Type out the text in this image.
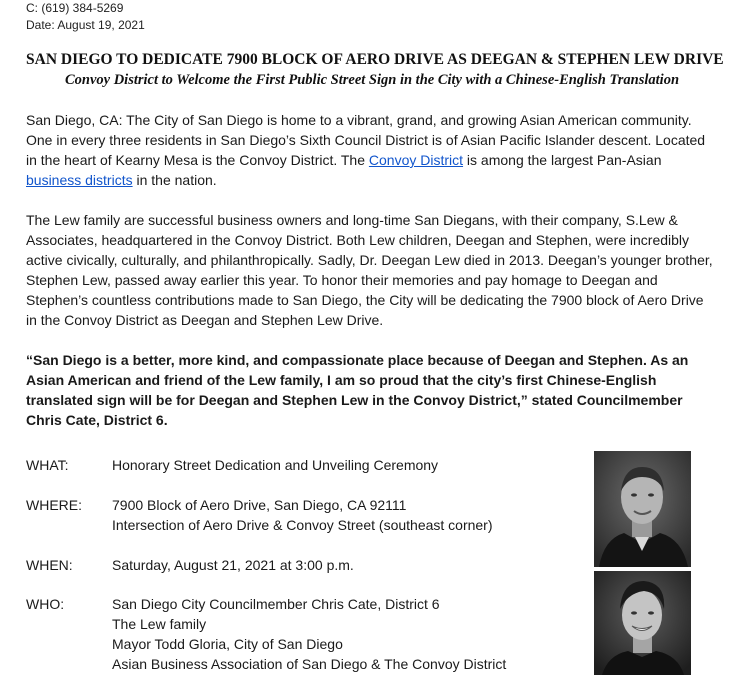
C: (619) 384-5269
Date: August 19, 2021
SAN DIEGO TO DEDICATE 7900 BLOCK OF AERO DRIVE AS DEEGAN & STEPHEN LEW DRIVE
Convoy District to Welcome the First Public Street Sign in the City with a Chinese-English Translation

San Diego, CA: The City of San Diego is home to a vibrant, grand, and growing Asian American community. One in every three residents in San Diego’s Sixth Council District is of Asian Pacific Islander descent. Located in the heart of Kearny Mesa is the Convoy District. The Convoy District is among the largest Pan-Asian business districts in the nation.

The Lew family are successful business owners and long-time San Diegans, with their company, S.Lew & Associates, headquartered in the Convoy District. Both Lew children, Deegan and Stephen, were incredibly active civically, culturally, and philanthropically. Sadly, Dr. Deegan Lew died in 2013. Deegan’s younger brother, Stephen Lew, passed away earlier this year. To honor their memories and pay homage to Deegan and Stephen’s countless contributions made to San Diego, the City will be dedicating the 7900 block of Aero Drive in the Convoy District as Deegan and Stephen Lew Drive.

“San Diego is a better, more kind, and compassionate place because of Deegan and Stephen. As an Asian American and friend of the Lew family, I am so proud that the city’s first Chinese-English translated sign will be for Deegan and Stephen Lew in the Convoy District,” stated Councilmember Chris Cate, District 6.

WHAT:	Honorary Street Dedication and Unveiling Ceremony
WHERE:	7900 Block of Aero Drive, San Diego, CA 92111
Intersection of Aero Drive & Convoy Street (southeast corner)
WHEN:	Saturday, August 21, 2021 at 3:00 p.m.
WHO:	San Diego City Councilmember Chris Cate, District 6
The Lew family
Mayor Todd Gloria, City of San Diego
Asian Business Association of San Diego & The Convoy District
